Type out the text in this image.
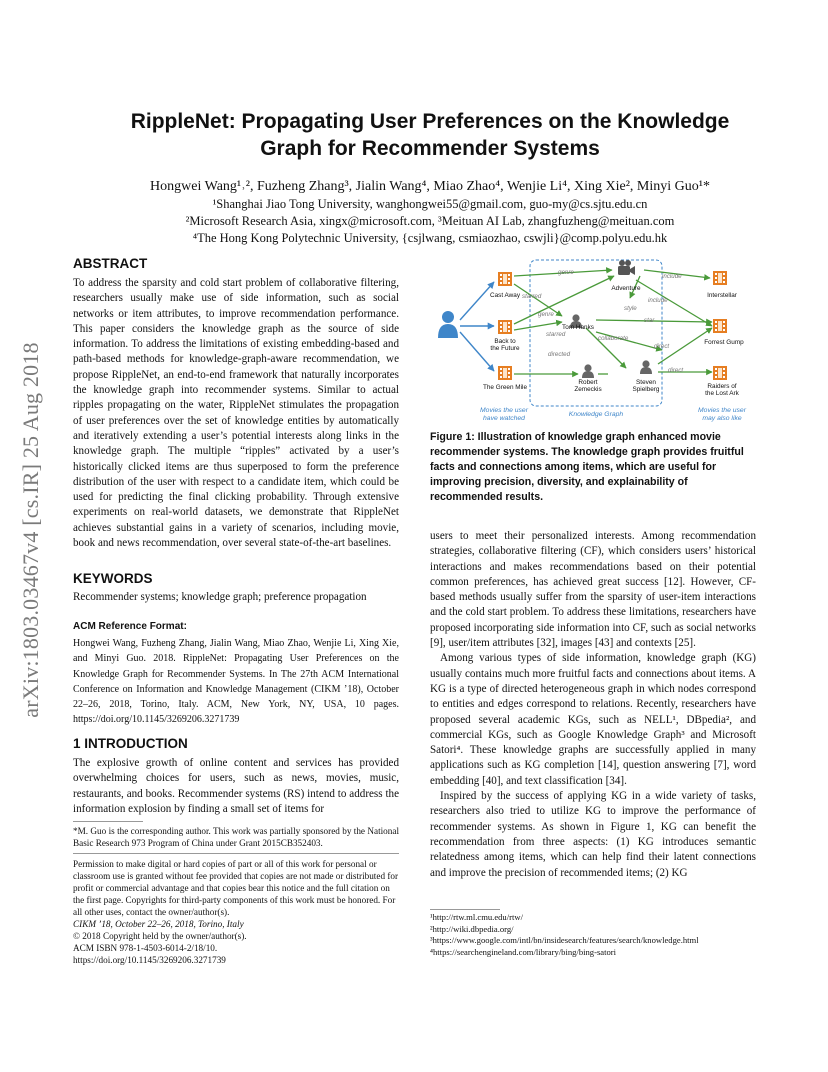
arXiv:1803.03467v4 [cs.IR] 25 Aug 2018
RippleNet: Propagating User Preferences on the Knowledge
Graph for Recommender Systems
Hongwei Wang¹˒², Fuzheng Zhang³, Jialin Wang⁴, Miao Zhao⁴, Wenjie Li⁴, Xing Xie², Minyi Guo¹*
¹Shanghai Jiao Tong University, wanghongwei55@gmail.com, guo-my@cs.sjtu.edu.cn
²Microsoft Research Asia, xingx@microsoft.com, ³Meituan AI Lab, zhangfuzheng@meituan.com
⁴The Hong Kong Polytechnic University, {csjlwang, csmiaozhao, cswjli}@comp.polyu.edu.hk
ABSTRACT
To address the sparsity and cold start problem of collaborative filtering, researchers usually make use of side information, such as social networks or item attributes, to improve recommendation performance. This paper considers the knowledge graph as the source of side information. To address the limitations of existing embedding-based and path-based methods for knowledge-graph-aware recommendation, we propose RippleNet, an end-to-end framework that naturally incorporates the knowledge graph into recommender systems. Similar to actual ripples propagating on the water, RippleNet stimulates the propagation of user preferences over the set of knowledge entities by automatically and iteratively extending a user’s potential interests along links in the knowledge graph. The multiple “ripples” activated by a user’s historically clicked items are thus superposed to form the preference distribution of the user with respect to a candidate item, which could be used for predicting the final clicking probability. Through extensive experiments on real-world datasets, we demonstrate that RippleNet achieves substantial gains in a variety of scenarios, including movie, book and news recommendation, over several state-of-the-art baselines.
KEYWORDS
Recommender systems; knowledge graph; preference propagation
ACM Reference Format:
Hongwei Wang, Fuzheng Zhang, Jialin Wang, Miao Zhao, Wenjie Li, Xing Xie, and Minyi Guo. 2018. RippleNet: Propagating User Preferences on the Knowledge Graph for Recommender Systems. In The 27th ACM International Conference on Information and Knowledge Management (CIKM ’18), October 22–26, 2018, Torino, Italy. ACM, New York, NY, USA, 10 pages. https://doi.org/10.1145/3269206.3271739
1 INTRODUCTION
The explosive growth of online content and services has provided overwhelming choices for users, such as news, movies, music, restaurants, and books. Recommender systems (RS) intend to address the information explosion by finding a small set of items for
*M. Guo is the corresponding author. This work was partially sponsored by the National Basic Research 973 Program of China under Grant 2015CB352403.
Permission to make digital or hard copies of part or all of this work for personal or classroom use is granted without fee provided that copies are not made or distributed for profit or commercial advantage and that copies bear this notice and the full citation on the first page. Copyrights for third-party components of this work must be honored. For all other uses, contact the owner/author(s).
CIKM ’18, October 22–26, 2018, Torino, Italy
© 2018 Copyright held by the owner/author(s).
ACM ISBN 978-1-4503-6014-2/18/10.
https://doi.org/10.1145/3269206.3271739
genre
starred
genre
starred
directed
include
include
style
star
collaborate
direct
direct
Cast Away
Back to
the Future
The Green Mile
Adventure
Tom Hanks
Robert
Zemeckis
Steven
Spielberg
Interstellar
Forrest Gump
Raiders of
the Lost Ark
Movies the user
have watched
Knowledge Graph
Movies the user
may also like
Figure 1: Illustration of knowledge graph enhanced movie recommender systems. The knowledge graph provides fruitful facts and connections among items, which are useful for improving precision, diversity, and explainability of recommended results.

users to meet their personalized interests. Among recommendation strategies, collaborative filtering (CF), which considers users’ historical interactions and makes recommendations based on their potential common preferences, has achieved great success [12]. However, CF-based methods usually suffer from the sparsity of user-item interactions and the cold start problem. To address these limitations, researchers have proposed incorporating side information into CF, such as social networks [9], user/item attributes [32], images [43] and contexts [25].

Among various types of side information, knowledge graph (KG) usually contains much more fruitful facts and connections about items. A KG is a type of directed heterogeneous graph in which nodes correspond to entities and edges correspond to relations. Recently, researchers have proposed several academic KGs, such as NELL¹, DBpedia², and commercial KGs, such as Google Knowledge Graph³ and Microsoft Satori⁴. These knowledge graphs are successfully applied in many applications such as KG completion [14], question answering [7], word embedding [40], and text classification [34].

Inspired by the success of applying KG in a wide variety of tasks, researchers also tried to utilize KG to improve the performance of recommender systems. As shown in Figure 1, KG can benefit the recommendation from three aspects: (1) KG introduces semantic relatedness among items, which can help find their latent connections and improve the precision of recommended items; (2) KG

¹http://rtw.ml.cmu.edu/rtw/
²http://wiki.dbpedia.org/
³https://www.google.com/intl/bn/insidesearch/features/search/knowledge.html
⁴https://searchengineland.com/library/bing/bing-satori
